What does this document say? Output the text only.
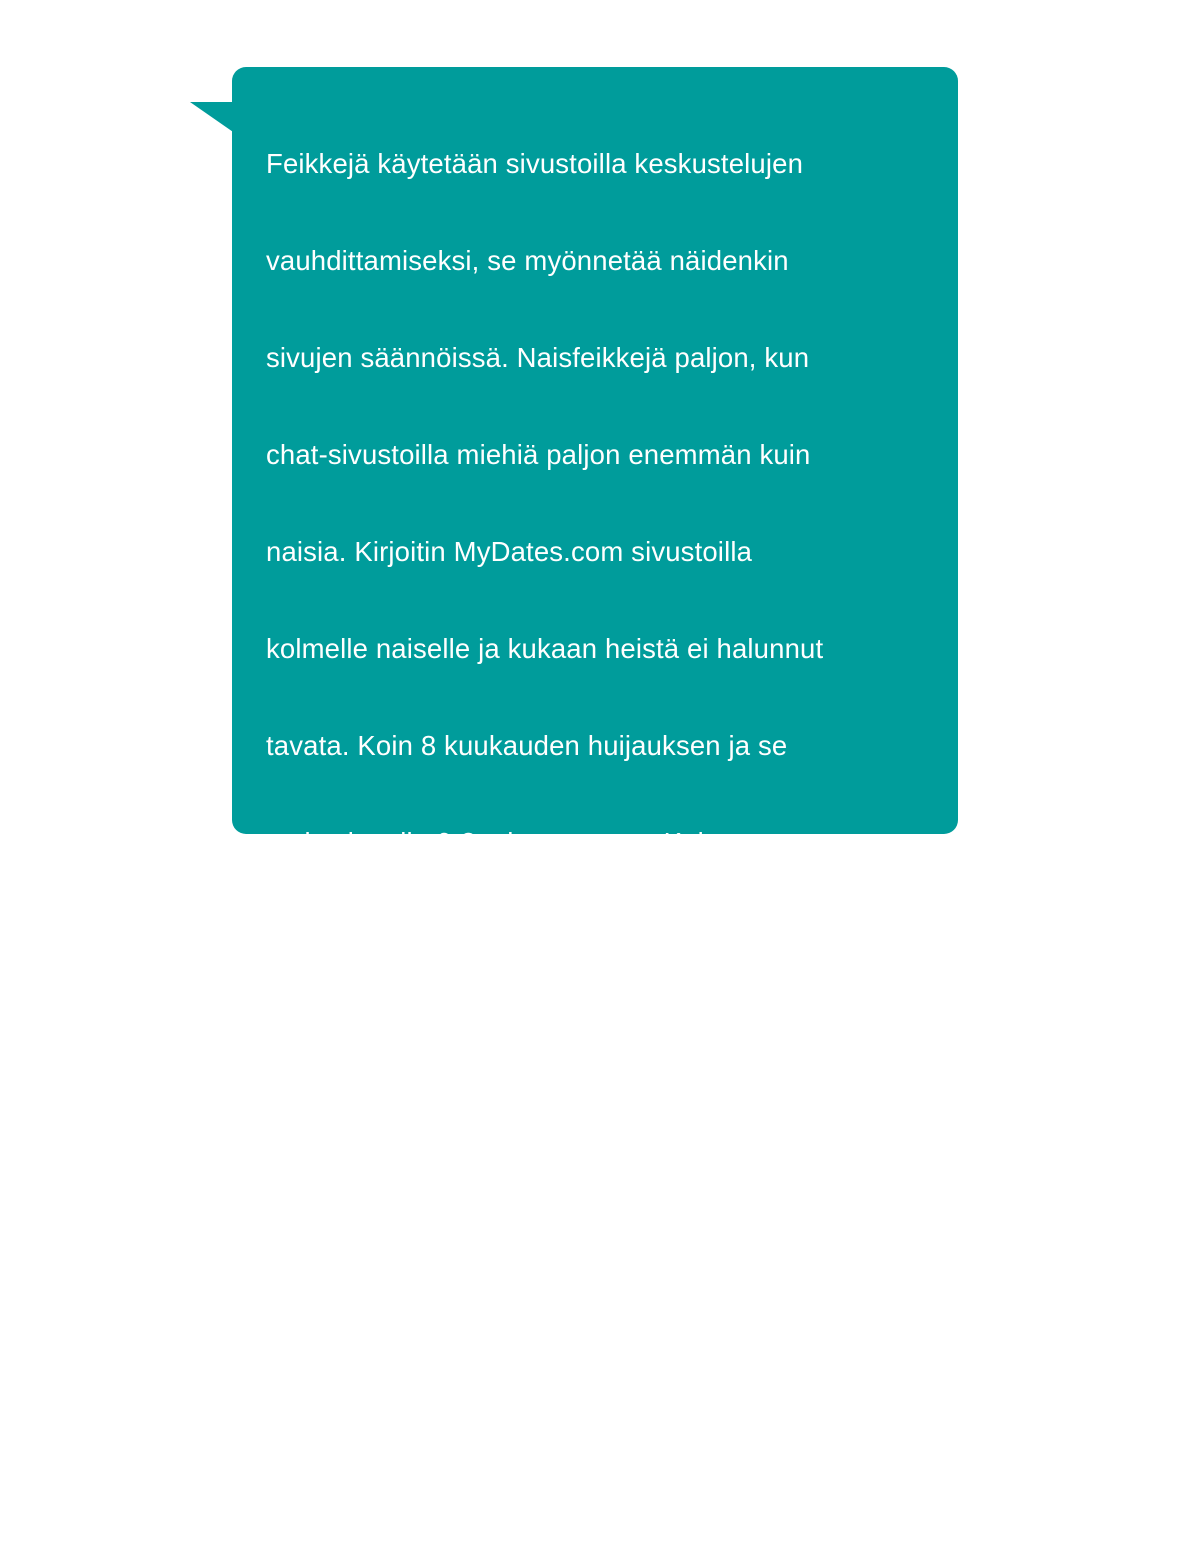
Feikkejä käytetään sivustoilla keskustelujen

vauhdittamiseksi, se myönnetää näidenkin

sivujen säännöissä. Naisfeikkejä paljon, kun

chat-sivustoilla miehiä paljon enemmän kuin

naisia. Kirjoitin MyDates.com sivustoilla

kolmelle naiselle ja kukaan heistä ei halunnut

tavata. Koin 8 kuukauden huijauksen ja se

maksoi mulle 6-8 tuhatta euroa. Kolmas

nainen myösi lopulta olevansa feikki. Oli

kuule suuri kynnys tulla näille sivuille....suuri

häpeä ja pettymys....kun tulin

hyväksikäytetyksi...Nyt päätin, jotta jos en 3

viikkoon tapaa näillä sivuilla livenä tai saa

muita ilmaisia keskustelukanavia naisen

kanssa, se loppuu siihen.
